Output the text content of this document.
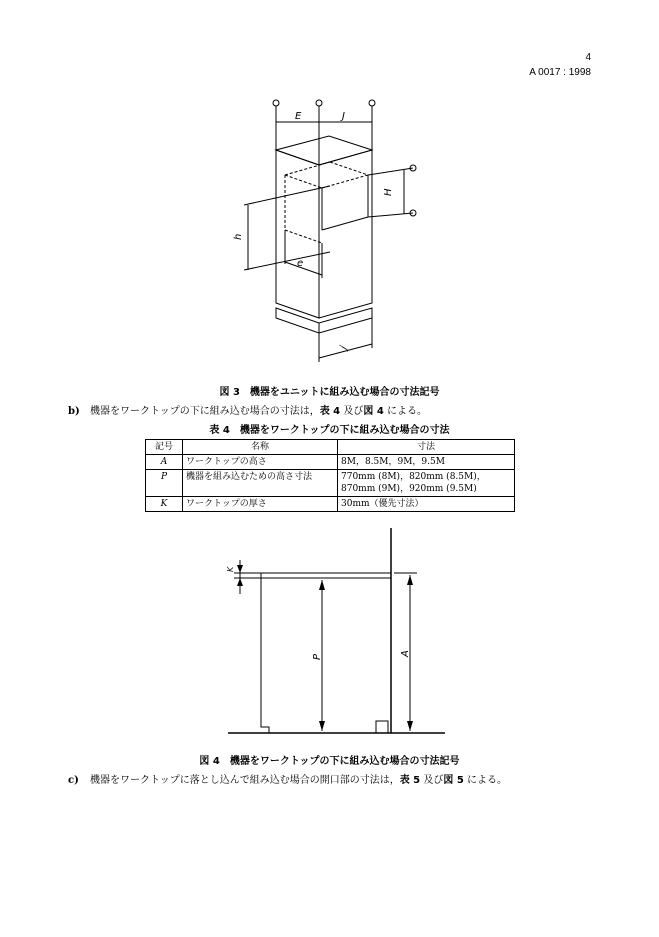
4
A 0017 : 1998
E	J
H
h
e
j
図 3　機器をユニットに組み込む場合の寸法記号
b) 機器をワークトップの下に組み込む場合の寸法は，表 4 及び図 4 による。
表 4　機器をワークトップの下に組み込む場合の寸法
記号	名称	寸法
A	ワークトップの高さ	8M，8.5M，9M，9.5M
P	機器を組み込むための高さ寸法	770mm (8M)，820mm (8.5M)，870mm (9M)，920mm (9.5M)
K	ワークトップの厚さ	30mm（優先寸法）
K
P	A
図 4　機器をワークトップの下に組み込む場合の寸法記号
c) 機器をワークトップに落とし込んで組み込む場合の開口部の寸法は，表 5 及び図 5 による。
